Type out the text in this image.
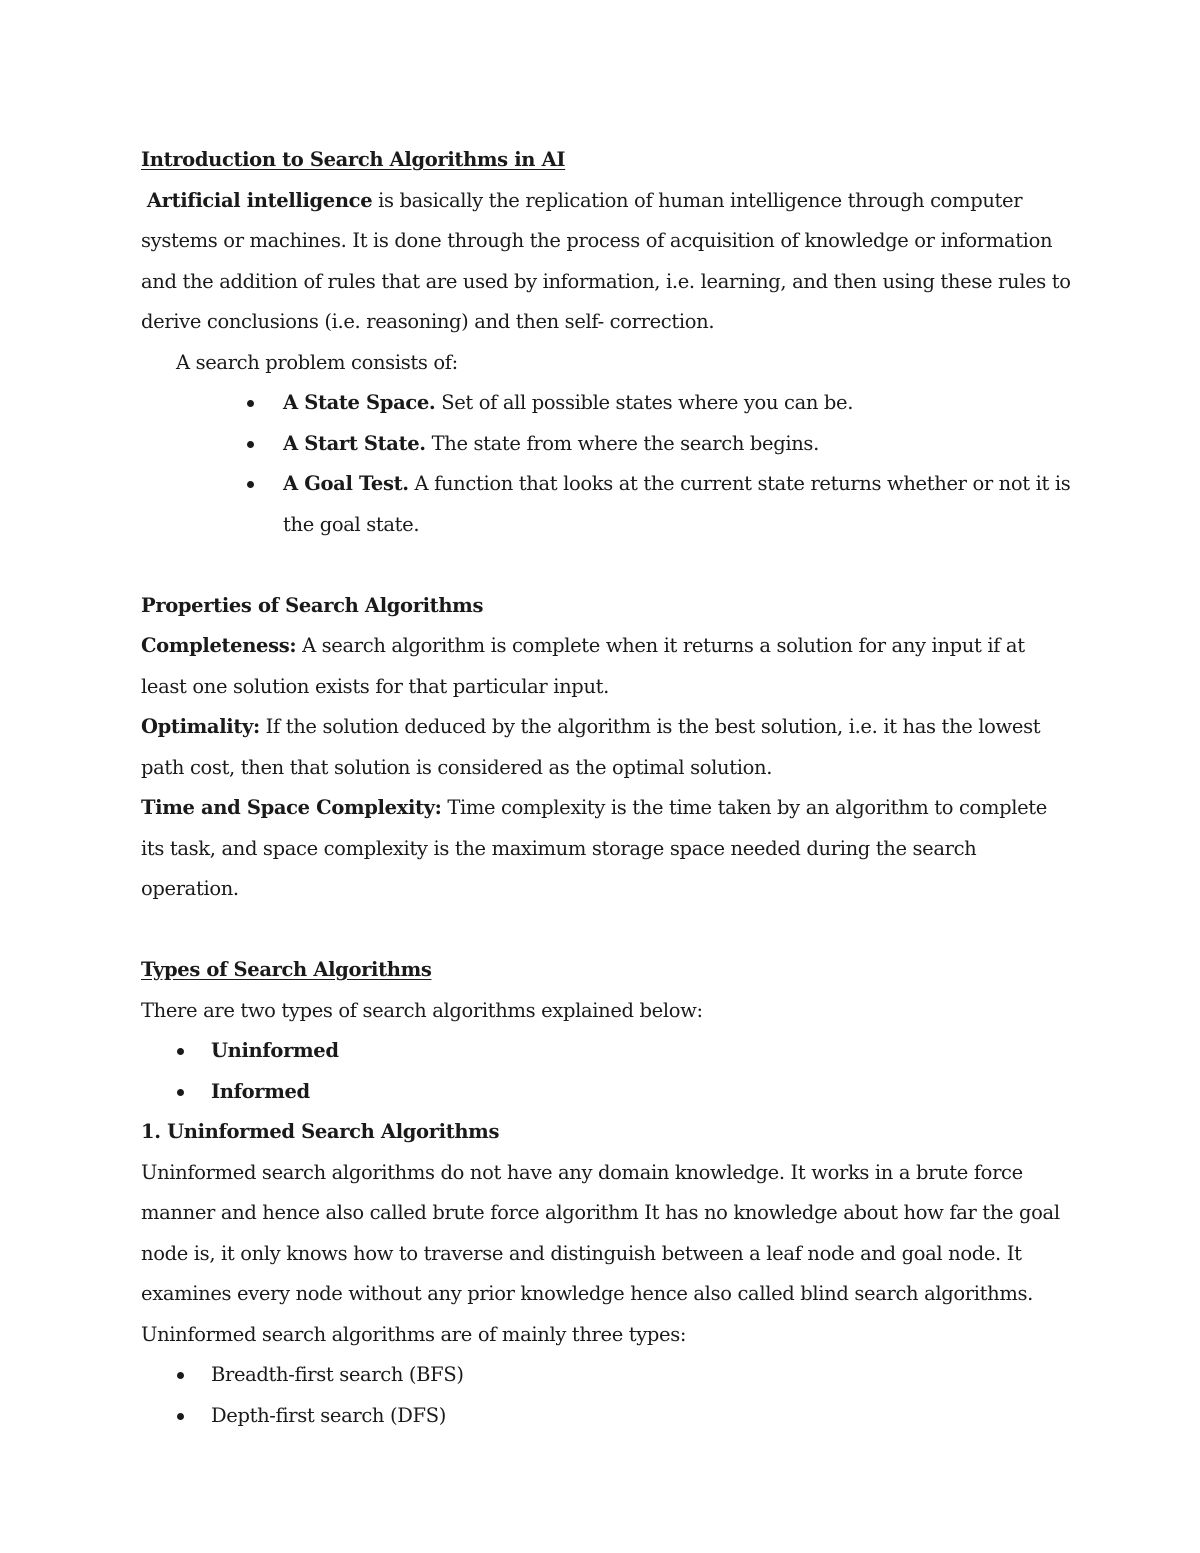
Introduction to Search Algorithms in AI

Artificial intelligence is basically the replication of human intelligence through computer systems or machines. It is done through the process of acquisition of knowledge or information and the addition of rules that are used by information, i.e. learning, and then using these rules to derive conclusions (i.e. reasoning) and then self- correction.

A search problem consists of:

A State Space. Set of all possible states where you can be.
A Start State. The state from where the search begins.
A Goal Test. A function that looks at the current state returns whether or not it is the goal state.

Properties of Search Algorithms

Completeness: A search algorithm is complete when it returns a solution for any input if at least one solution exists for that particular input.

Optimality: If the solution deduced by the algorithm is the best solution, i.e. it has the lowest path cost, then that solution is considered as the optimal solution.

Time and Space Complexity: Time complexity is the time taken by an algorithm to complete its task, and space complexity is the maximum storage space needed during the search operation.

Types of Search Algorithms

There are two types of search algorithms explained below:

Uninformed
Informed

1. Uninformed Search Algorithms

Uninformed search algorithms do not have any domain knowledge. It works in a brute force manner and hence also called brute force algorithm It has no knowledge about how far the goal node is, it only knows how to traverse and distinguish between a leaf node and goal node. It examines every node without any prior knowledge hence also called blind search algorithms.

Uninformed search algorithms are of mainly three types:

Breadth-first search (BFS)
Depth-first search (DFS)
